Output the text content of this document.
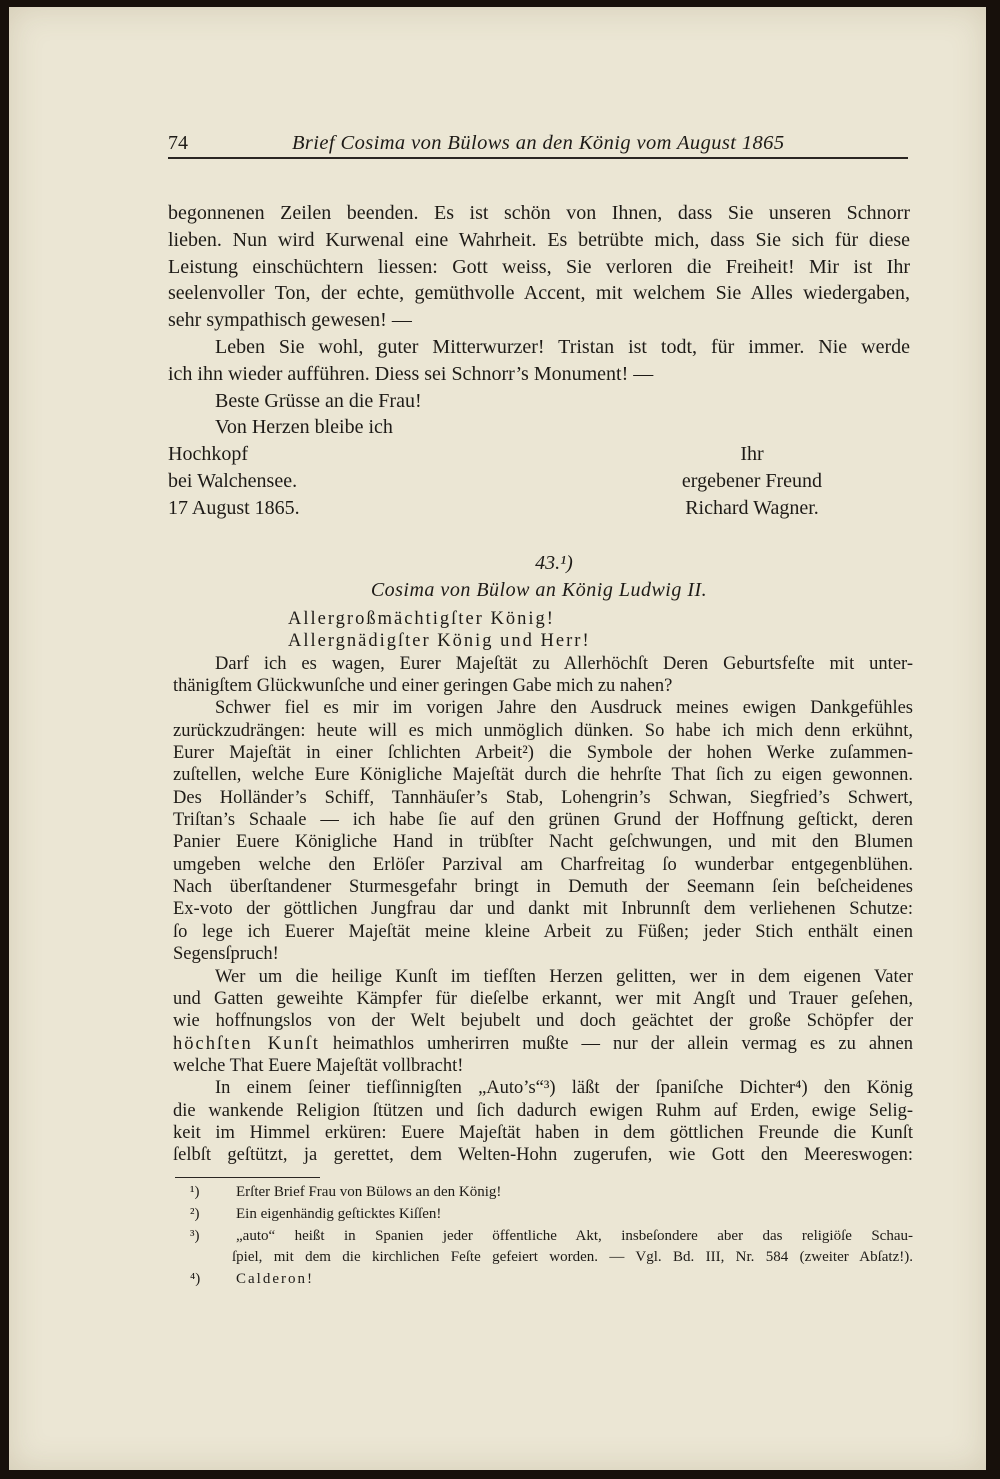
74	Brief Cosima von Bülows an den König vom August 1865
begonnenen Zeilen beenden. Es ist schön von Ihnen, dass Sie unseren Schnorr
lieben. Nun wird Kurwenal eine Wahrheit. Es betrübte mich, dass Sie sich für diese
Leistung einschüchtern liessen: Gott weiss, Sie verloren die Freiheit! Mir ist Ihr
seelenvoller Ton, der echte, gemüthvolle Accent, mit welchem Sie Alles wiedergaben,
sehr sympathisch gewesen! —
Leben Sie wohl, guter Mitterwurzer! Tristan ist todt, für immer. Nie werde
ich ihn wieder aufführen. Diess sei Schnorr’s Monument! —
Beste Grüsse an die Frau!
Von Herzen bleibe ich
Hochkopf	Ihr
bei Walchensee.	ergebener Freund
17 August 1865.	Richard Wagner.
43.¹)
Cosima von Bülow an König Ludwig II.
Allergroßmächtigſter König!
Allergnädigſter König und Herr!
Darf ich es wagen, Eurer Majeſtät zu Allerhöchſt Deren Geburtsfeſte mit unter-
thänigſtem Glückwunſche und einer geringen Gabe mich zu nahen?
Schwer fiel es mir im vorigen Jahre den Ausdruck meines ewigen Dankgefühles
zurückzudrängen: heute will es mich unmöglich dünken. So habe ich mich denn erkühnt,
Eurer Majeſtät in einer ſchlichten Arbeit²) die Symbole der hohen Werke zuſammen-
zuſtellen, welche Eure Königliche Majeſtät durch die hehrſte That ſich zu eigen gewonnen.
Des Holländer’s Schiff, Tannhäuſer’s Stab, Lohengrin’s Schwan, Siegfried’s Schwert,
Triſtan’s Schaale — ich habe ſie auf den grünen Grund der Hoffnung geſtickt, deren
Panier Euere Königliche Hand in trübſter Nacht geſchwungen, und mit den Blumen
umgeben welche den Erlöſer Parzival am Charfreitag ſo wunderbar entgegenblühen.
Nach überſtandener Sturmesgefahr bringt in Demuth der Seemann ſein beſcheidenes
Ex-voto der göttlichen Jungfrau dar und dankt mit Inbrunnſt dem verliehenen Schutze:
ſo lege ich Euerer Majeſtät meine kleine Arbeit zu Füßen; jeder Stich enthält einen
Segensſpruch!
Wer um die heilige Kunſt im tiefſten Herzen gelitten, wer in dem eigenen Vater
und Gatten geweihte Kämpfer für dieſelbe erkannt, wer mit Angſt und Trauer geſehen,
wie hoffnungslos von der Welt bejubelt und doch geächtet der große Schöpfer der
höchſten Kunſt heimathlos umherirren mußte — nur der allein vermag es zu ahnen
welche That Euere Majeſtät vollbracht!
In einem ſeiner tiefſinnigſten „Auto’s“³) läßt der ſpaniſche Dichter⁴) den König
die wankende Religion ſtützen und ſich dadurch ewigen Ruhm auf Erden, ewige Selig-
keit im Himmel erküren: Euere Majeſtät haben in dem göttlichen Freunde die Kunſt
ſelbſt geſtützt, ja gerettet, dem Welten-Hohn zugerufen, wie Gott den Meereswogen:
¹) Erſter Brief Frau von Bülows an den König!
²) Ein eigenhändig geſticktes Kiſſen!
³) „auto“ heißt in Spanien jeder öffentliche Akt, insbeſondere aber das religiöſe Schau-
ſpiel, mit dem die kirchlichen Feſte gefeiert worden. — Vgl. Bd. III, Nr. 584 (zweiter Abſatz!).
⁴) Calderon!
